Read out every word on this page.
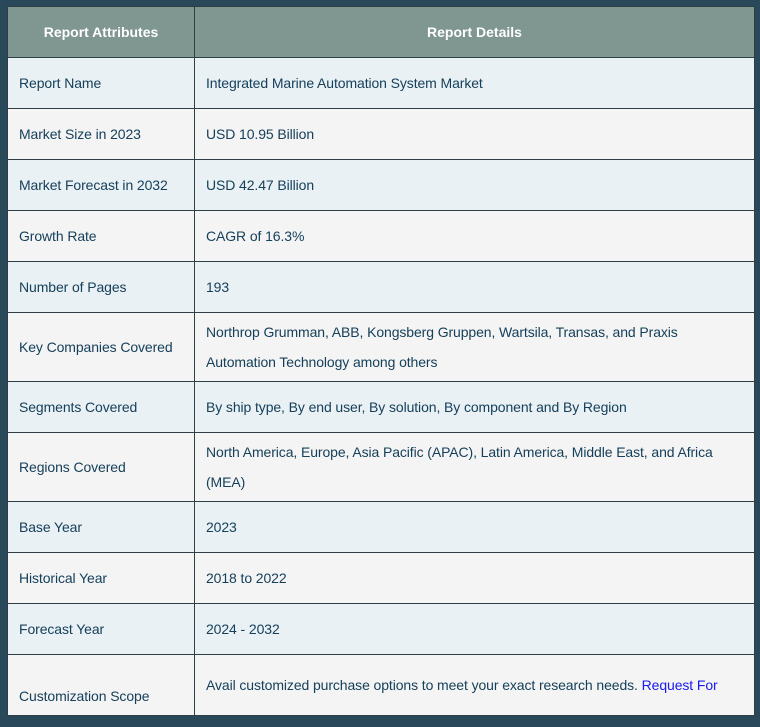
Report Attributes	Report Details
Report Name	Integrated Marine Automation System Market
Market Size in 2023	USD 10.95 Billion
Market Forecast in 2032	USD 42.47 Billion
Growth Rate	CAGR of 16.3%
Number of Pages	193
Key Companies Covered	Northrop Grumman, ABB, Kongsberg Gruppen, Wartsila, Transas, and Praxis Automation Technology among others
Segments Covered	By ship type, By end user, By solution, By component and By Region
Regions Covered	North America, Europe, Asia Pacific (APAC), Latin America, Middle East, and Africa (MEA)
Base Year	2023
Historical Year	2018 to 2022
Forecast Year	2024 - 2032
Customization Scope	Avail customized purchase options to meet your exact research needs. Request For
